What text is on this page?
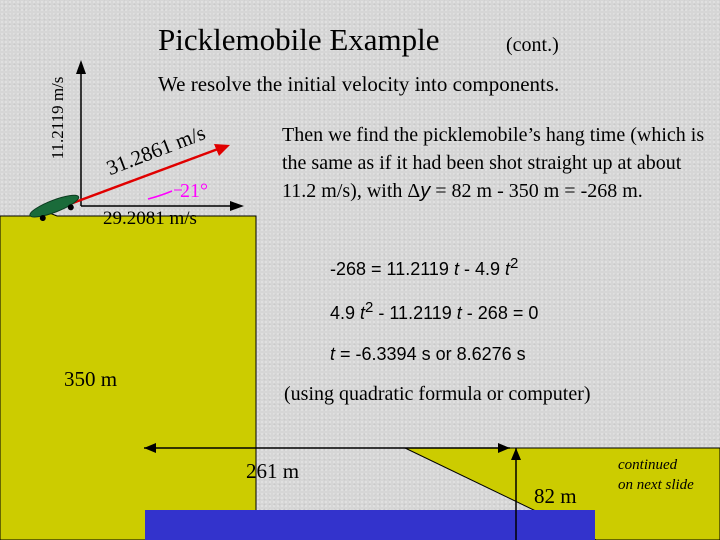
Picklemobile Example	(cont.)
We resolve the initial velocity into components.
11.2119 m/s 31.2861 m/s
21°
29.2081 m/s
Then we find the picklemobile’s hang time (which is the same as if it had been shot straight up at about 11.2 m/s), with Δy = 82 m - 350 m = -268 m.
-268 = 11.2119 t - 4.9 $t^2$
4.9 $t^2 - 11.2119$ t - 268 = 0
t = -6.3394 s or 8.6276 s
(using quadratic formula or computer)
350 m
261 m
82 m
continued
on next slide
